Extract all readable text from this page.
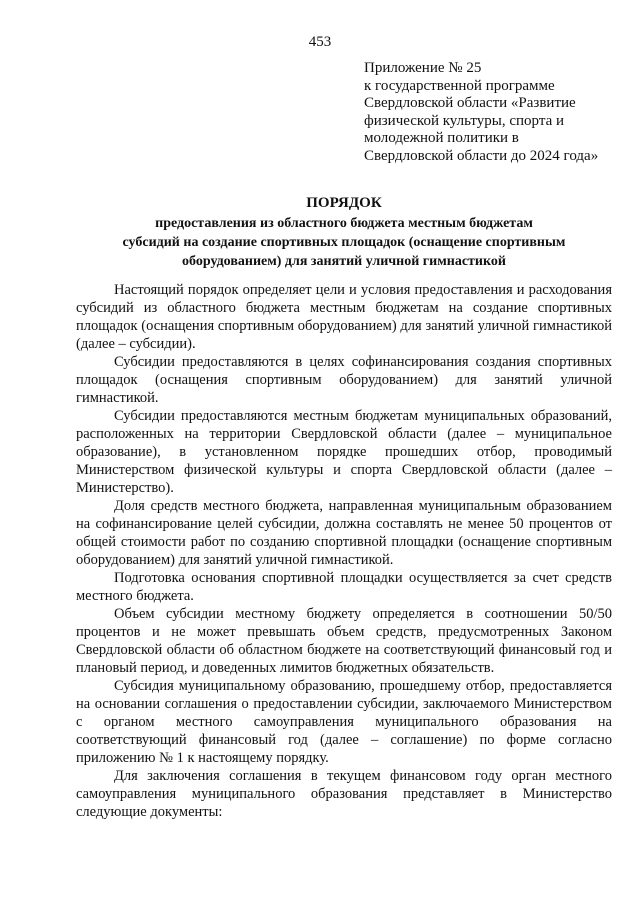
453
Приложение № 25
к государственной программе
Свердловской области «Развитие
физической культуры, спорта и
молодежной политики в
Свердловской области до 2024 года»
ПОРЯДОК
предоставления из областного бюджета местным бюджетам
субсидий на создание спортивных площадок (оснащение спортивным
оборудованием) для занятий уличной гимнастикой

Настоящий порядок определяет цели и условия предоставления и расходования субсидий из областного бюджета местным бюджетам на создание спортивных площадок (оснащения спортивным оборудованием) для занятий уличной гимнастикой (далее – субсидии).

Субсидии предоставляются в целях софинансирования создания спортивных площадок (оснащения спортивным оборудованием) для занятий уличной гимнастикой.

Субсидии предоставляются местным бюджетам муниципальных образований, расположенных на территории Свердловской области (далее – муниципальное образование), в установленном порядке прошедших отбор, проводимый Министерством физической культуры и спорта Свердловской области (далее – Министерство).

Доля средств местного бюджета, направленная муниципальным образованием на софинансирование целей субсидии, должна составлять не менее 50 процентов от общей стоимости работ по созданию спортивной площадки (оснащение спортивным оборудованием) для занятий уличной гимнастикой.

Подготовка основания спортивной площадки осуществляется за счет средств местного бюджета.

Объем субсидии местному бюджету определяется в соотношении 50/50 процентов и не может превышать объем средств, предусмотренных Законом Свердловской области об областном бюджете на соответствующий финансовый год и плановый период, и доведенных лимитов бюджетных обязательств.

Субсидия муниципальному образованию, прошедшему отбор, предоставляется на основании соглашения о предоставлении субсидии, заключаемого Министерством с органом местного самоуправления муниципального образования на соответствующий финансовый год (далее – соглашение) по форме согласно приложению № 1 к настоящему порядку.

Для заключения соглашения в текущем финансовом году орган местного самоуправления муниципального образования представляет в Министерство следующие документы:
